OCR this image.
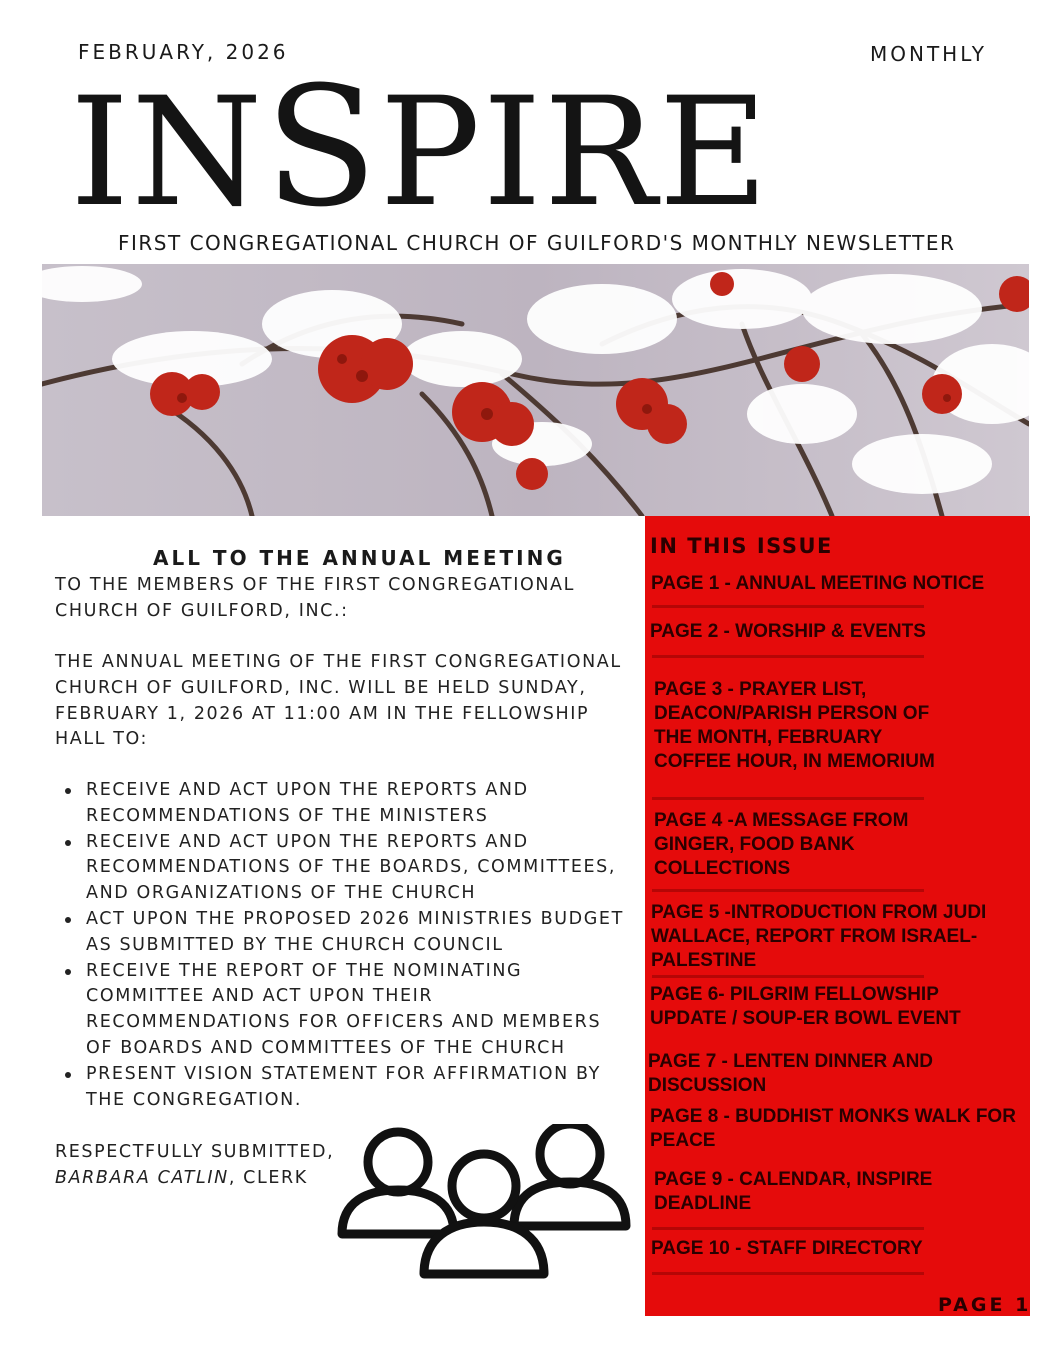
FEBRUARY, 2026	MONTHLY
INSPIRE
FIRST CONGREGATIONAL CHURCH OF GUILFORD'S MONTHLY NEWSLETTER
IN THIS ISSUE
PAGE 1 - ANNUAL MEETING NOTICE
PAGE 2 - WORSHIP & EVENTS
PAGE 3 - PRAYER LIST,
DEACON/PARISH PERSON OF
THE MONTH, FEBRUARY
COFFEE HOUR, IN MEMORIUM
PAGE 4 -A MESSAGE FROM
GINGER, FOOD BANK
COLLECTIONS
PAGE 5 -INTRODUCTION FROM JUDI
WALLACE, REPORT FROM ISRAEL-
PALESTINE
PAGE 6- PILGRIM FELLOWSHIP
UPDATE / SOUP-ER BOWL EVENT
PAGE 7 - LENTEN DINNER AND
DISCUSSION
PAGE 8 - BUDDHIST MONKS WALK FOR
PEACE
PAGE 9 - CALENDAR, INSPIRE
DEADLINE
PAGE 10 - STAFF DIRECTORY
PAGE 1
ALL TO THE ANNUAL MEETING
TO THE MEMBERS OF THE FIRST CONGREGATIONAL
CHURCH OF GUILFORD, INC.:
THE ANNUAL MEETING OF THE FIRST CONGREGATIONAL
CHURCH OF GUILFORD, INC. WILL BE HELD SUNDAY,
FEBRUARY 1, 2026 AT 11:00 AM IN THE FELLOWSHIP
HALL TO:
RECEIVE AND ACT UPON THE REPORTS AND
RECOMMENDATIONS OF THE MINISTERS
RECEIVE AND ACT UPON THE REPORTS AND
RECOMMENDATIONS OF THE BOARDS, COMMITTEES,
AND ORGANIZATIONS OF THE CHURCH
ACT UPON THE PROPOSED 2026 MINISTRIES BUDGET
AS SUBMITTED BY THE CHURCH COUNCIL
RECEIVE THE REPORT OF THE NOMINATING
COMMITTEE AND ACT UPON THEIR
RECOMMENDATIONS FOR OFFICERS AND MEMBERS
OF BOARDS AND COMMITTEES OF THE CHURCH
PRESENT VISION STATEMENT FOR AFFIRMATION BY
THE CONGREGATION.
RESPECTFULLY SUBMITTED,
BARBARA CATLIN, CLERK
